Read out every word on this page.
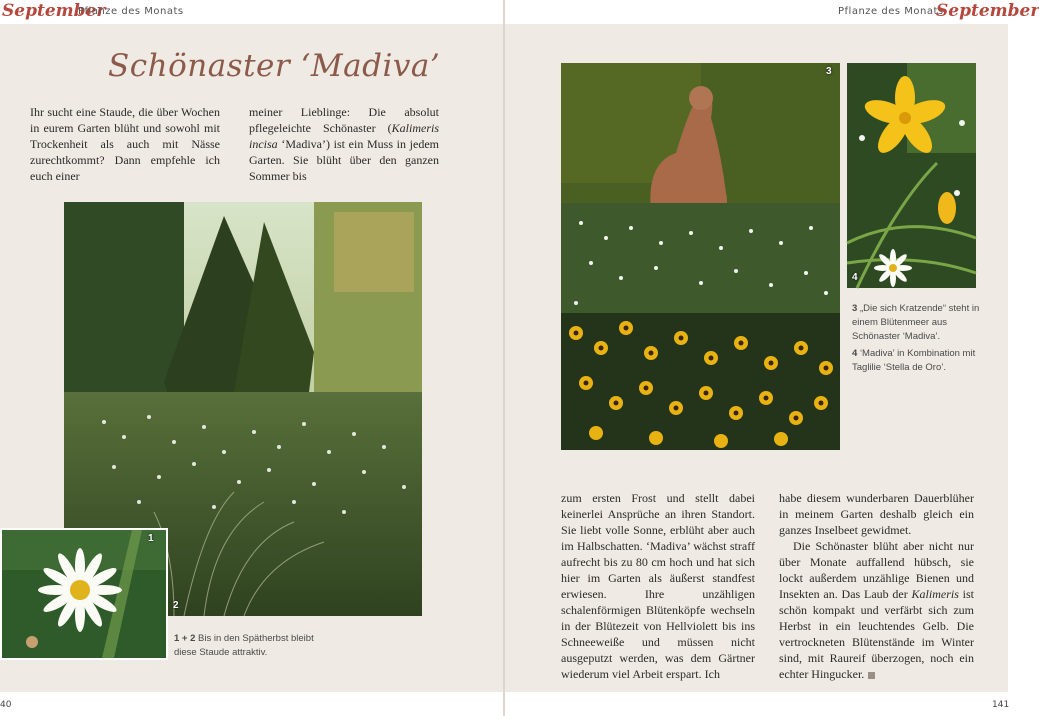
September
Pflanze des Monats	Pflanze des Monats
September
40	141
Schönaster ‘Madiva’

Ihr sucht eine Staude, die über Wochen in eurem Garten blüht und sowohl mit Trockenheit als auch mit Nässe zurechtkommt? Dann empfehle ich euch einer

meiner Lieblinge: Die absolut pflegeleichte Schönaster (Kalimeris incisa ‘Madiva’) ist ein Muss in jedem Garten. Sie blüht über den ganzen Sommer bis

2
1
1 + 2 Bis in den Spätherbst bleibt diese Staude attraktiv.
3
4
3 „Die sich Kratzende“ steht in einem Blütenmeer aus Schönaster ‘Madiva’.
4 ‘Madiva’ in Kombination mit Taglilie ‘Stella de Oro’.

zum ersten Frost und stellt dabei keinerlei Ansprüche an ihren Standort. Sie liebt volle Sonne, erblüht aber auch im Halbschatten. ‘Madiva’ wächst straff aufrecht bis zu 80 cm hoch und hat sich hier im Garten als äußerst standfest erwiesen. Ihre unzähligen schalenförmigen Blütenköpfe wechseln in der Blütezeit von Hellviolett bis ins Schneeweiße und müssen nicht ausgeputzt werden, was dem Gärtner wiederum viel Arbeit erspart. Ich

habe diesem wunderbaren Dauerblüher in meinem Garten deshalb gleich ein ganzes Inselbeet gewidmet.

Die Schönaster blüht aber nicht nur über Monate auffallend hübsch, sie lockt außerdem unzählige Bienen und Insekten an. Das Laub der Kalimeris ist schön kompakt und verfärbt sich zum Herbst in ein leuchtendes Gelb. Die vertrockneten Blütenstände im Winter sind, mit Raureif überzogen, noch ein echter Hingucker.
